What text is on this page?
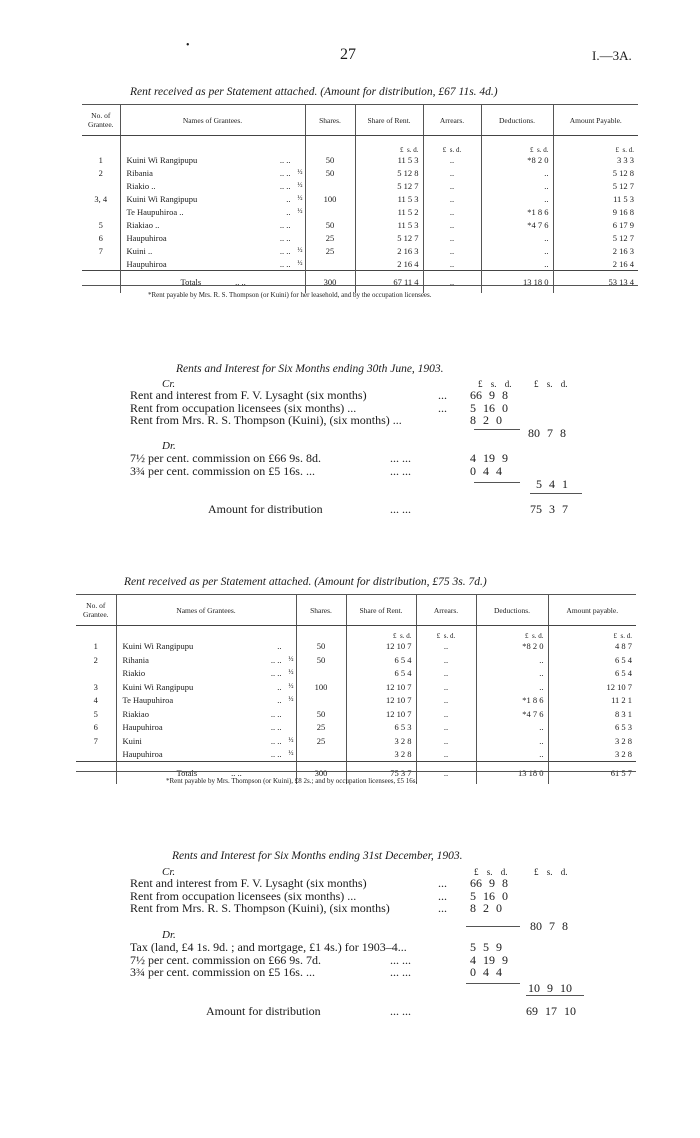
•
27	I.—3A.
Rent received as per Statement attached. (Amount for distribution, £67 11s. 4d.)
No. of Grantee.	Names of Grantees.	Shares.	Share of Rent.	Arrears.	Deductions.	Amount Payable.
			£ s. d.	£ s. d.	£ s. d.	£ s. d.
1	Kuini Wi Rangipupu .. ..	50	11 5 3	..	*8 2 0	3 3 3
2	Ribania .. .. ½	50	5 12 8	..	..	5 12 8
	Riakio .. .. .. ½		5 12 7	..	..	5 12 7
3, 4	Kuini Wi Rangipupu .. ½	100	11 5 3	..	..	11 5 3
	Te Haupuhiroa .. .. ½		11 5 2	..	*1 8 6	9 16 8
5	Riakiao .. .. ..	50	11 5 3	..	*4 7 6	6 17 9
6	Haupuhiroa .. ..	25	5 12 7	..	..	5 12 7
7	Kuini .. .. .. ½	25	2 16 3	..	..	2 16 3
	Haupuhiroa .. .. ½		2 16 4	..	..	2 16 4
	Totals .. ..	300	67 11 4	..	13 18 0	53 13 4
*Rent payable by Mrs. R. S. Thompson (or Kuini) for her leasehold, and by the occupation licensees.
Rents and Interest for Six Months ending 30th June, 1903.
Cr.	£ s. d. £ s. d.
Rent and interest from F. V. Lysaght (six months)	... 66 9 8
Rent from occupation licensees (six months) ...	... 5 16 0
Rent from Mrs. R. S. Thompson (Kuini), (six months) ...	8 2 0
80 7 8
Dr.
7½ per cent. commission on £66 9s. 8d.	... ...	4 19 9
3¾ per cent. commission on £5 16s. ...	... ...	0 4 4
5 4 1
Amount for distribution	... ...	75 3 7
Rent received as per Statement attached. (Amount for distribution, £75 3s. 7d.)
No. of Grantee.	Names of Grantees.	Shares.	Share of Rent.	Arrears.	Deductions.	Amount payable.
			£ s. d.	£ s. d.	£ s. d.	£ s. d.
1	Kuini Wi Rangipupu ..	50	12 10 7	..	*8 2 0	4 8 7
2	Rihania .. .. ½	50	6 5 4	..	..	6 5 4
	Riakio .. .. ½		6 5 4	..	..	6 5 4
3	Kuini Wi Rangipupu .. ½	100	12 10 7	..	..	12 10 7
4	Te Haupuhiroa .. ½		12 10 7	..	*1 8 6	11 2 1
5	Riakiao .. ..	50	12 10 7	..	*4 7 6	8 3 1
6	Haupuhiroa .. ..	25	6 5 3	..	..	6 5 3
7	Kuini .. .. ½	25	3 2 8	..	..	3 2 8
	Haupuhiroa .. .. ½		3 2 8	..	..	3 2 8
	Totals .. ..	300	75 3 7	..	13 18 0	61 5 7
*Rent payable by Mrs. Thompson (or Kuini), £8 2s.; and by occupation licensees, £5 16s.
Rents and Interest for Six Months ending 31st December, 1903.
Cr.	£ s. d.	£ s. d.
Rent and interest from F. V. Lysaght (six months)	... 66 9 8
Rent from occupation licensees (six months) ...	... 5 16 0
Rent from Mrs. R. S. Thompson (Kuini), (six months)	... 8 2 0
80 7 8
Dr.
Tax (land, £4 1s. 9d. ; and mortgage, £1 4s.) for 1903–4...	5 5 9
7½ per cent. commission on £66 9s. 7d.	... ...	4 19 9
3¾ per cent. commission on £5 16s. ...	... ...	0 4 4
10 9 10
Amount for distribution	... ...	69 17 10
